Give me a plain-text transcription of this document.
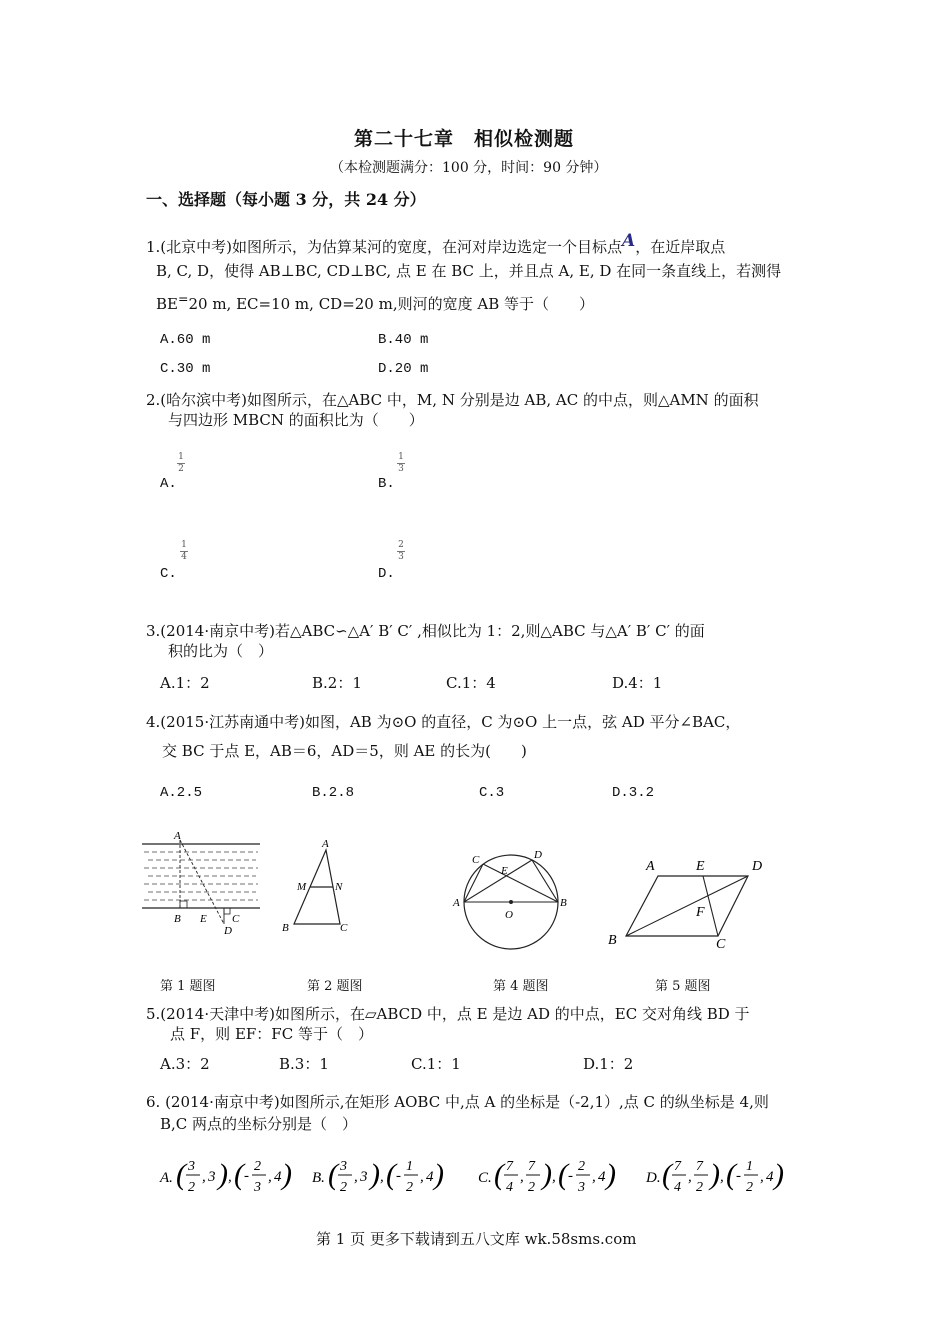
第二十七章　相似检测题
（本检测题满分：100 分，时间：90 分钟）
一、选择题（每小题 3 分，共 24 分）
1.(北京中考)如图所示，为估算某河的宽度，在河对岸边选定一个目标点$^A$，在近岸取点
B, C, D，使得 AB⊥BC, CD⊥BC, 点 E 在 BC 上，并且点 A, E, D 在同一条直线上，若测得
BE=20 m, EC=10 m, CD=20 m,则河的宽度 AB 等于（　　）
A.60 m	B.40 m
C.30 m	D.20 m
2.(哈尔滨中考)如图所示，在△ABC 中，M, N 分别是边 AB, AC 的中点，则△AMN 的面积
与四边形 MBCN 的面积比为（　　）
A.
1
2
B.
1
3
C.
1
4
D.
2
3
3.(2014·南京中考)若△ABC∽△A′ B′ C′ ,相似比为 1：2,则△ABC 与△A′ B′ C′ 的面
积的比为（　）
A.1：2	B.2：1	C.1：4	D.4：1
4.(2015·江苏南通中考)如图，AB 为⊙O 的直径，C 为⊙O 上一点，弦 AD 平分∠BAC，
交 BC 于点 E，AB＝6，AD＝5，则 AE 的长为(　　)
A.2.5	B.2.8	C.3	D.3.2
A
B E C
D
A
M	N
B	C
C	D
E
A	B
O
A	E	D
F
B	C
第 1 题图	第 2 题图	第 4 题图	第 5 题图
5.(2014·天津中考)如图所示，在▱ABCD 中，点 E 是边 AD 的中点，EC 交对角线 BD 于
点 F，则 EF：FC 等于（　）
A.3：2	B.3：1	C.1：1	D.1：2
6. (2014·南京中考)如图所示,在矩形 AOBC 中,点 A 的坐标是（-2,1）,点 C 的纵坐标是 4,则
B,C 两点的坐标分别是（　）
A. ( 3
2
, 3 ) , ( -
2
3
, 4 ) B. ( 3
2
, 3 ) , ( -
1
2
, 4 ) C. ( 7
4
,
7
2 ) , ( -
2
3
, 4 ) D. ( 7
4
,
7
2 ) , ( -
1
2
, 4 )
第 1 页 更多下载请到五八文库 wk.58sms.com
